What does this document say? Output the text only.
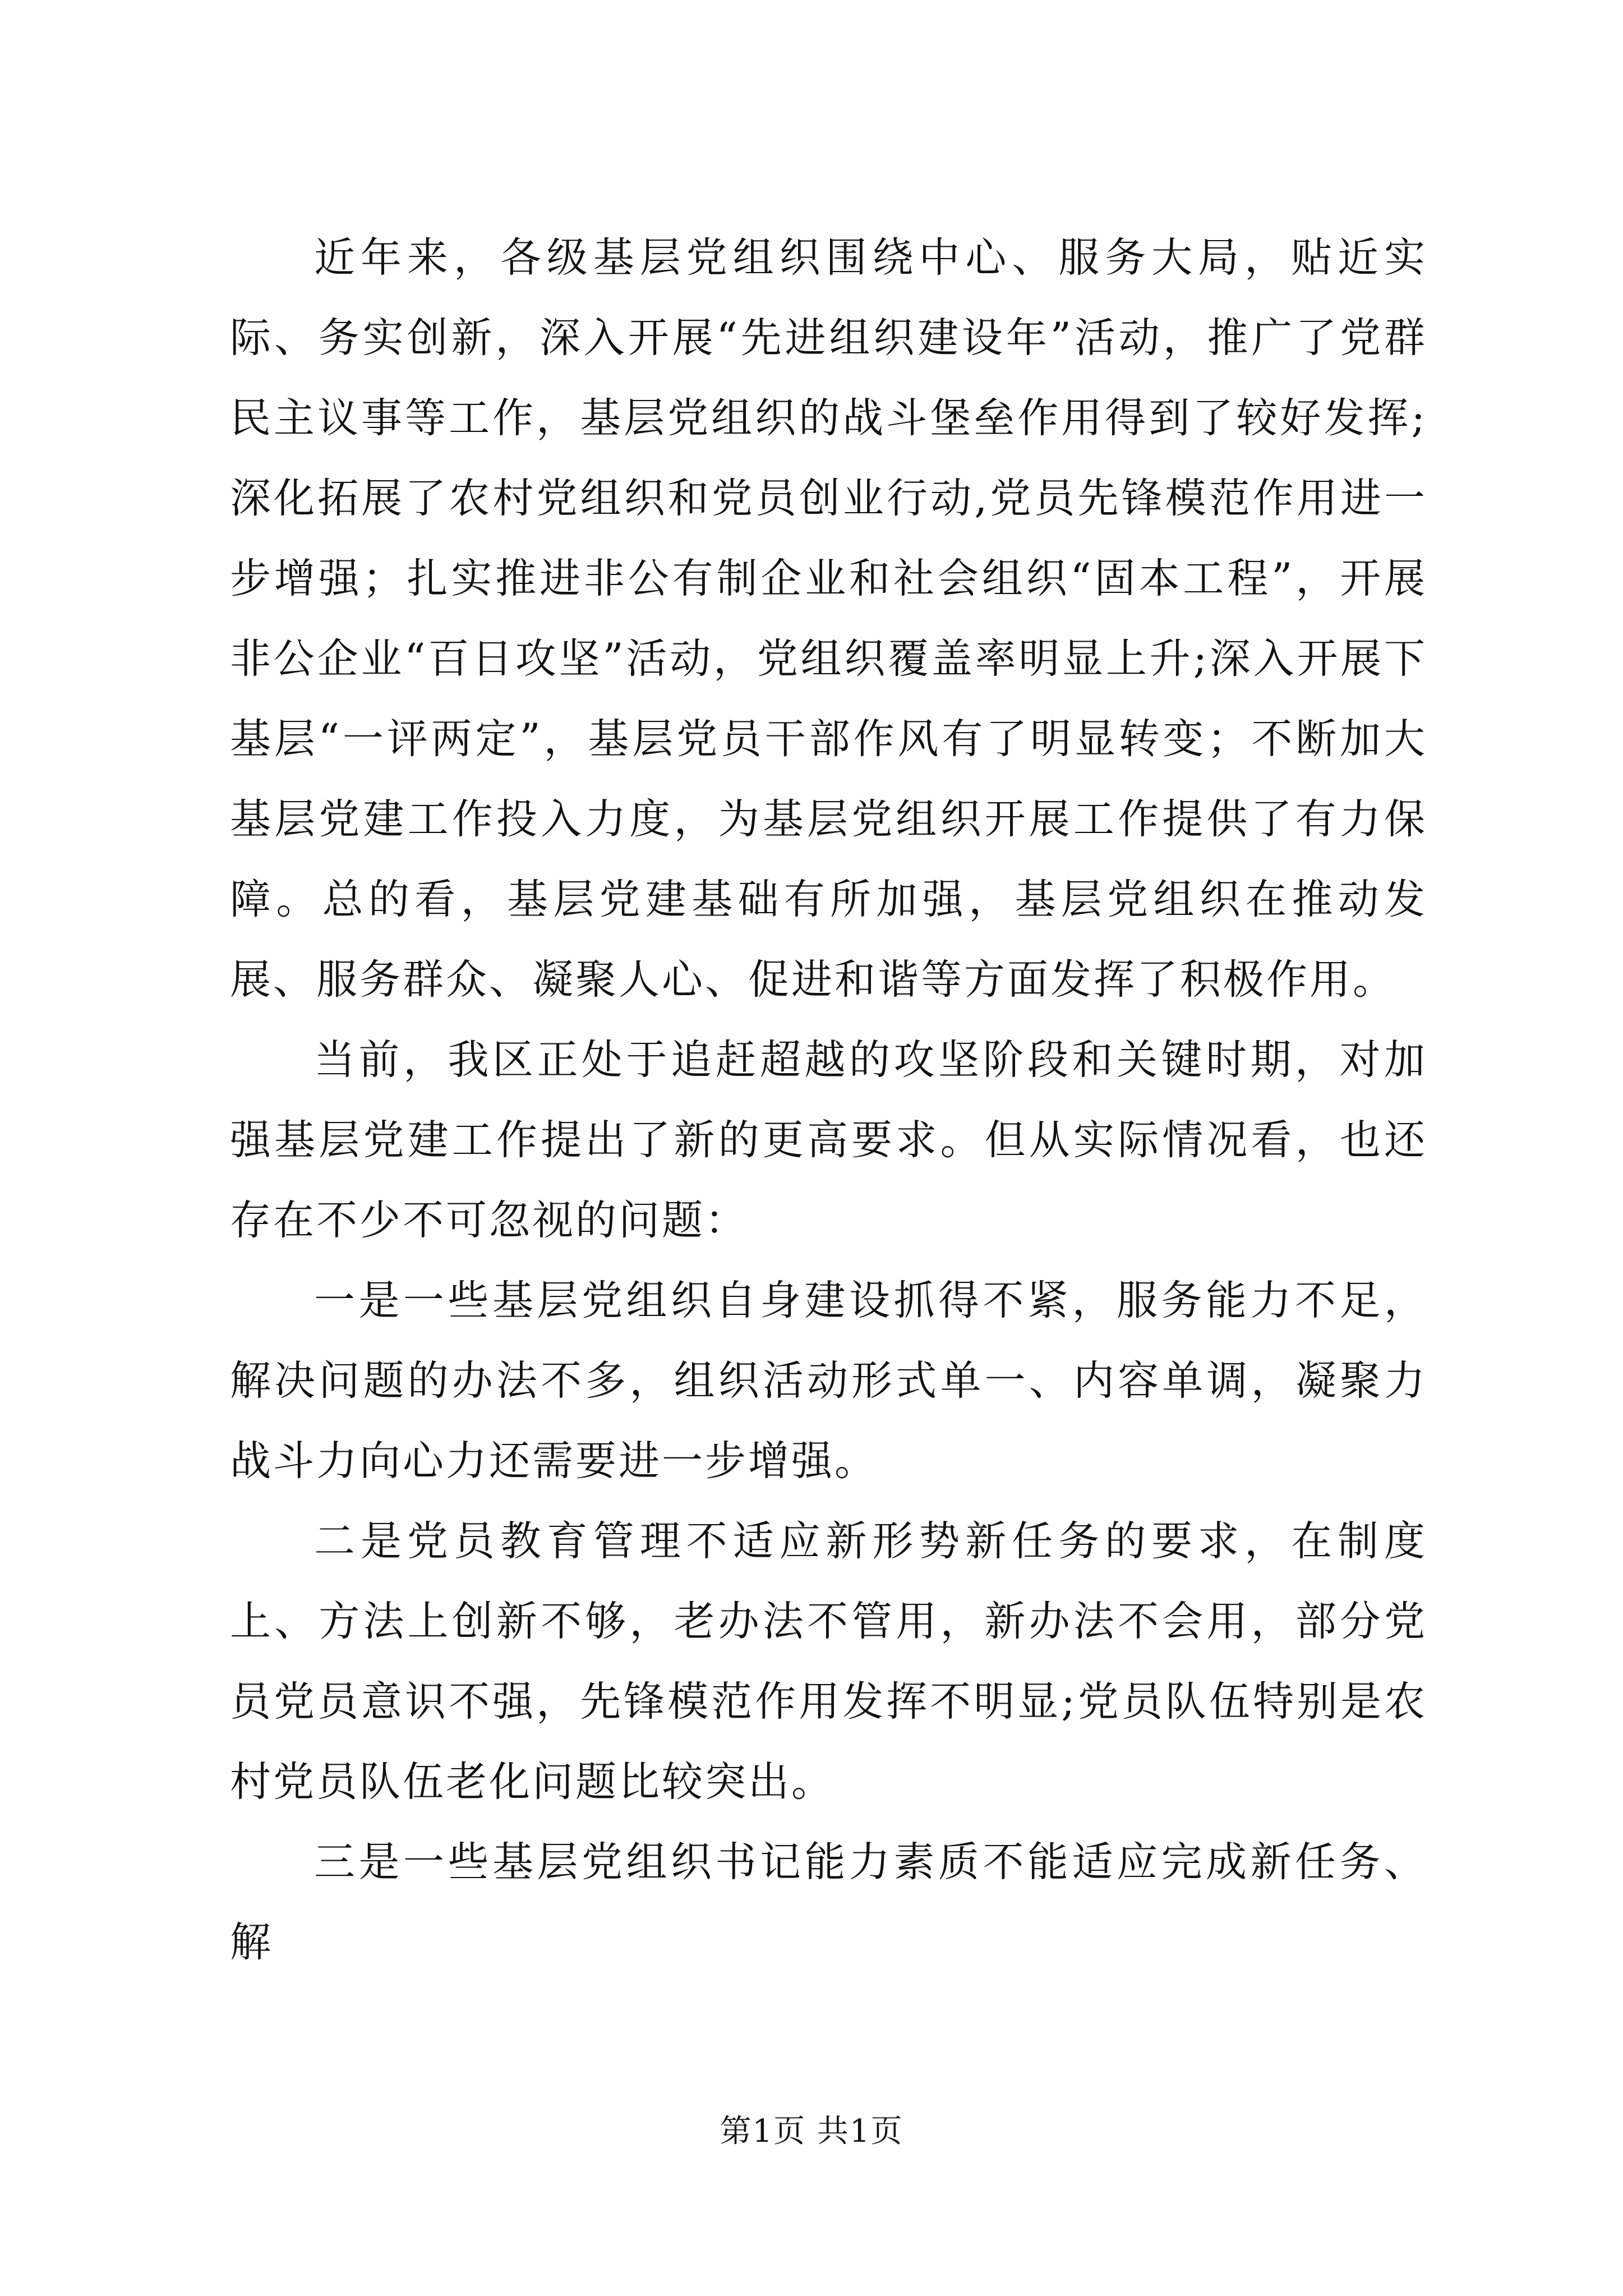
近年来，各级基层党组织围绕中心、服务大局，贴近实际、务实创新，深入开展“先进组织建设年”活动，推广了党群民主议事等工作，基层党组织的战斗堡垒作用得到了较好发挥;深化拓展了农村党组织和党员创业行动,党员先锋模范作用进一步增强；扎实推进非公有制企业和社会组织“固本工程”，开展非公企业“百日攻坚”活动，党组织覆盖率明显上升;深入开展下基层“一评两定”，基层党员干部作风有了明显转变；不断加大基层党建工作投入力度，为基层党组织开展工作提供了有力保障。总的看，基层党建基础有所加强，基层党组织在推动发展、服务群众、凝聚人心、促进和谐等方面发挥了积极作用。

当前，我区正处于追赶超越的攻坚阶段和关键时期，对加强基层党建工作提出了新的更高要求。但从实际情况看，也还存在不少不可忽视的问题：

一是一些基层党组织自身建设抓得不紧，服务能力不足，解决问题的办法不多，组织活动形式单一、内容单调，凝聚力战斗力向心力还需要进一步增强。

二是党员教育管理不适应新形势新任务的要求，在制度上、方法上创新不够，老办法不管用，新办法不会用，部分党员党员意识不强，先锋模范作用发挥不明显;党员队伍特别是农村党员队伍老化问题比较突出。

三是一些基层党组织书记能力素质不能适应完成新任务、解

第1页 共1页
